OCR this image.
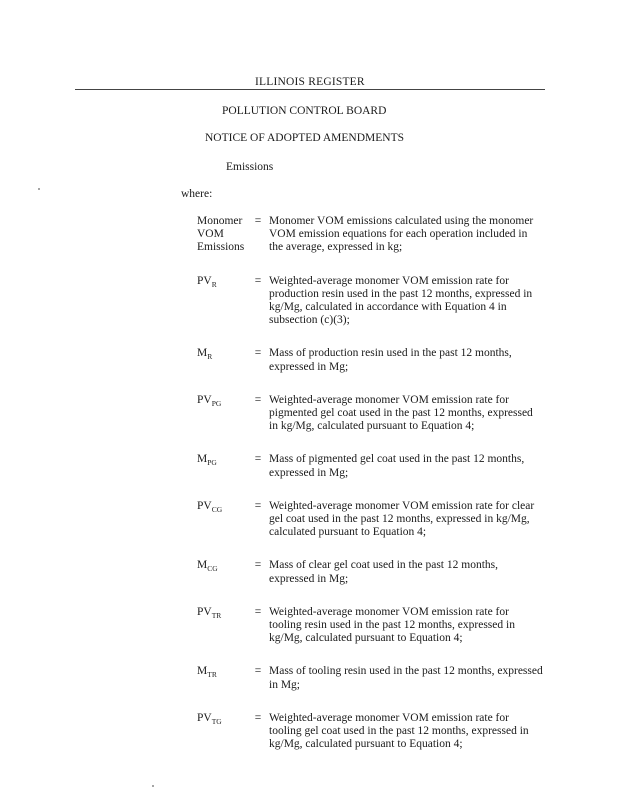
ILLINOIS REGISTER
POLLUTION CONTROL BOARD
NOTICE OF ADOPTED AMENDMENTS
Emissions
where:
Monomer
VOM
Emissions
= Monomer VOM emissions calculated using the monomer VOM emission equations for each operation included in the average, expressed in kg;
$PV_R$	= Weighted-average monomer VOM emission rate for production resin used in the past 12 months, expressed in kg/Mg, calculated in accordance with Equation 4 in subsection (c)(3);
$M_R$	= Mass of production resin used in the past 12 months, expressed in Mg;
$PV_{PG}$	= Weighted-average monomer VOM emission rate for pigmented gel coat used in the past 12 months, expressed in kg/Mg, calculated pursuant to Equation 4;
$M_{PG}$	= Mass of pigmented gel coat used in the past 12 months, expressed in Mg;
$PV_{CG}$	= Weighted-average monomer VOM emission rate for clear gel coat used in the past 12 months, expressed in kg/Mg, calculated pursuant to Equation 4;
$M_{CG}$	= Mass of clear gel coat used in the past 12 months, expressed in Mg;
$PV_{TR}$	= Weighted-average monomer VOM emission rate for tooling resin used in the past 12 months, expressed in kg/Mg, calculated pursuant to Equation 4;
$M_{TR}$	= Mass of tooling resin used in the past 12 months, expressed in Mg;
$PV_{TG}$	= Weighted-average monomer VOM emission rate for tooling gel coat used in the past 12 months, expressed in kg/Mg, calculated pursuant to Equation 4;
